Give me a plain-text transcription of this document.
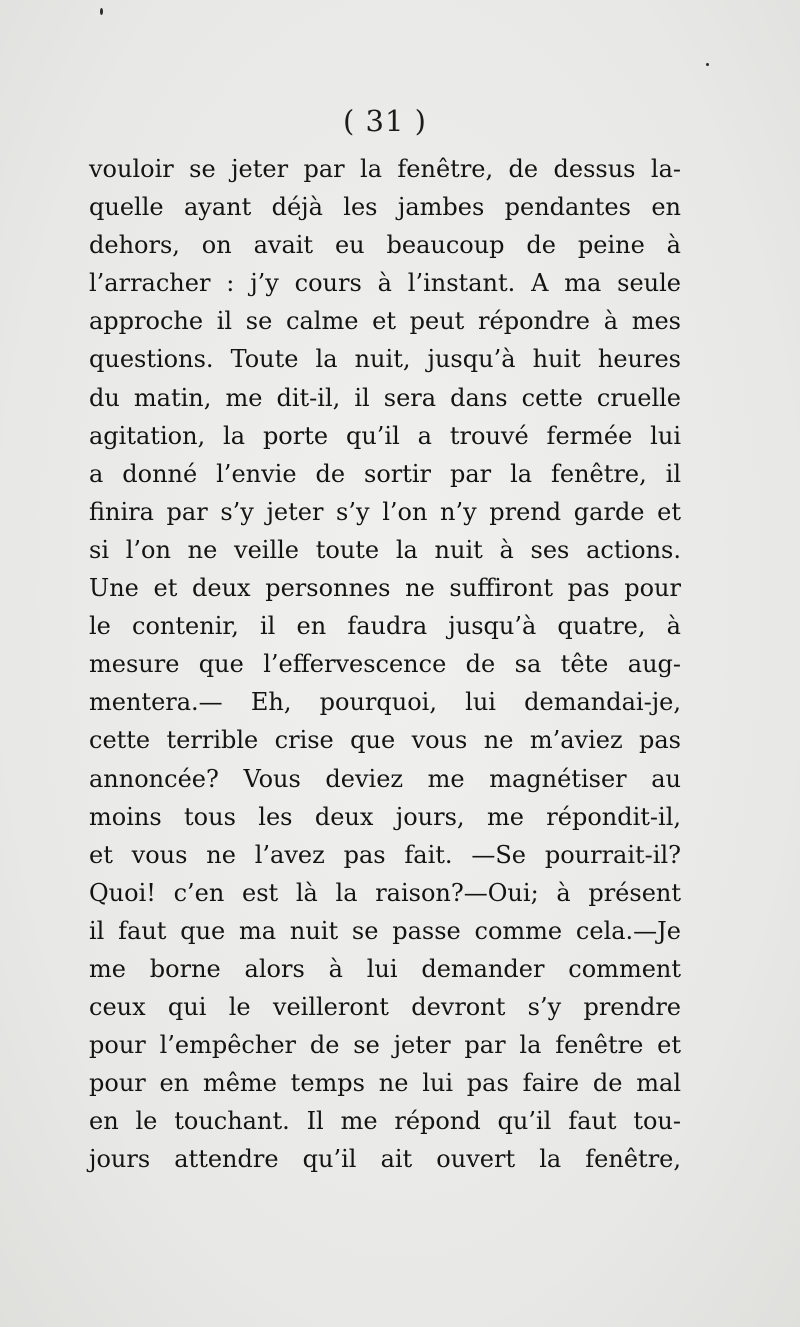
( 31 )
vouloir se jeter par la fenêtre, de dessus la-
quelle ayant déjà les jambes pendantes en
dehors, on avait eu beaucoup de peine à
l’arracher : j’y cours à l’instant. A ma seule
approche il se calme et peut répondre à mes
questions. Toute la nuit, jusqu’à huit heures
du matin, me dit-il, il sera dans cette cruelle
agitation, la porte qu’il a trouvé fermée lui
a donné l’envie de sortir par la fenêtre, il
finira par s’y jeter s’y l’on n’y prend garde et
si l’on ne veille toute la nuit à ses actions.
Une et deux personnes ne suffiront pas pour
le contenir, il en faudra jusqu’à quatre, à
mesure que l’effervescence de sa tête aug-
mentera.— Eh, pourquoi, lui demandai-je,
cette terrible crise que vous ne m’aviez pas
annoncée? Vous deviez me magnétiser au
moins tous les deux jours, me répondit-il,
et vous ne l’avez pas fait. —Se pourrait-il?
Quoi! c’en est là la raison?—Oui; à présent
il faut que ma nuit se passe comme cela.—Je
me borne alors à lui demander comment
ceux qui le veilleront devront s’y prendre
pour l’empêcher de se jeter par la fenêtre et
pour en même temps ne lui pas faire de mal
en le touchant. Il me répond qu’il faut tou-
jours attendre qu’il ait ouvert la fenêtre,
